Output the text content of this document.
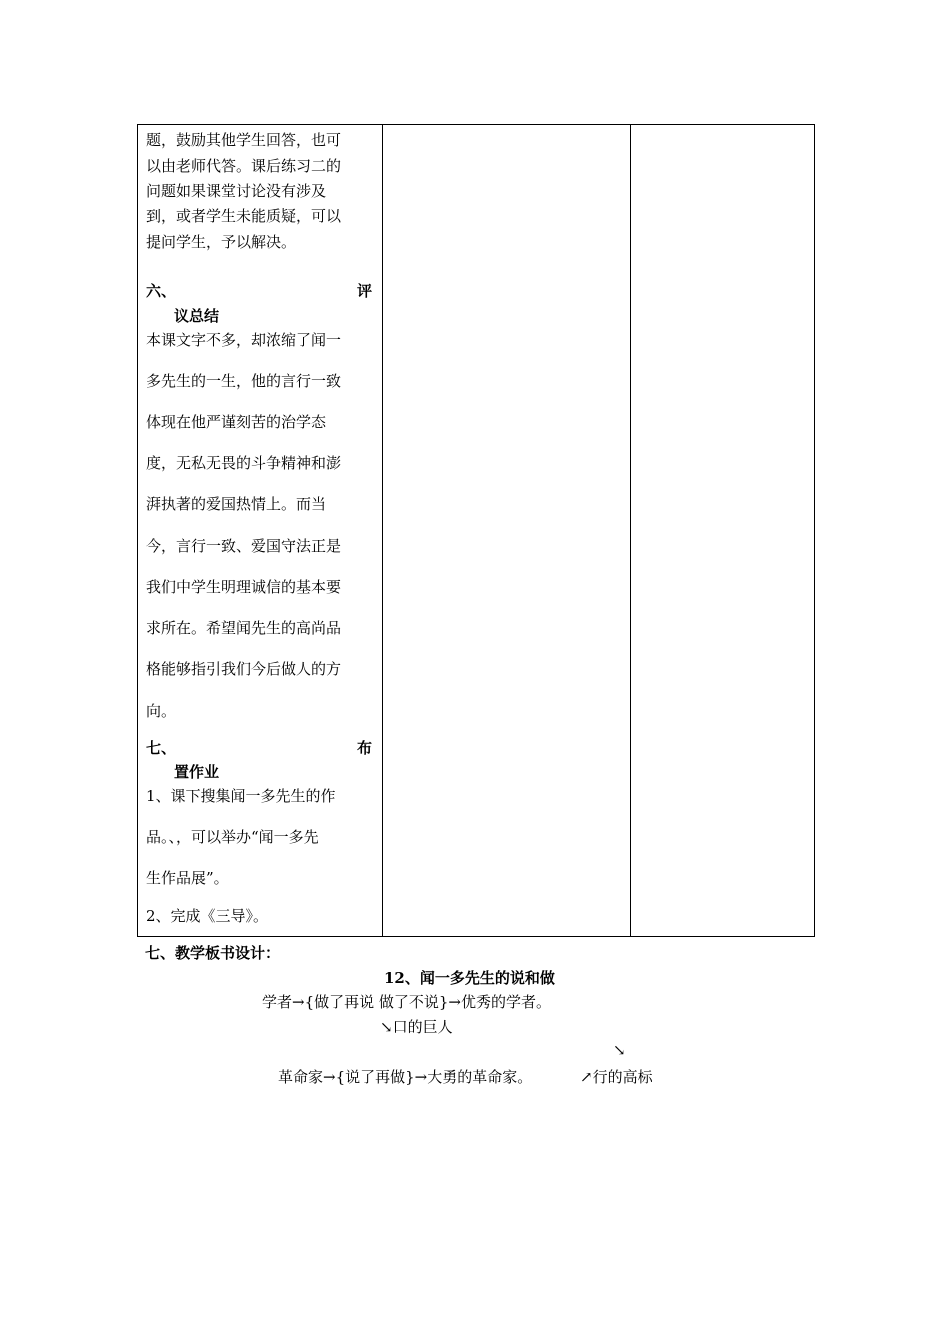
题，鼓励其他学生回答，也可
以由老师代答。课后练习二的
问题如果课堂讨论没有涉及
到，或者学生未能质疑，可以
提问学生，予以解决。
六、	评
议总结
本课文字不多，却浓缩了闻一
多先生的一生，他的言行一致
体现在他严谨刻苦的治学态
度，无私无畏的斗争精神和澎
湃执著的爱国热情上。而当
今，言行一致、爱国守法正是
我们中学生明理诚信的基本要
求所在。希望闻先生的高尚品
格能够指引我们今后做人的方
向。
七、	布
置作业
1、课下搜集闻一多先生的作
品。、，可以举办“闻一多先
生作品展”。
2、完成《三导》。
七、教学板书设计：
12、闻一多先生的说和做
学者→{做了再说 做了不说}→优秀的学者。
↘口的巨人
↘
革命家→{说了再做}→大勇的革命家。	↗行的高标
